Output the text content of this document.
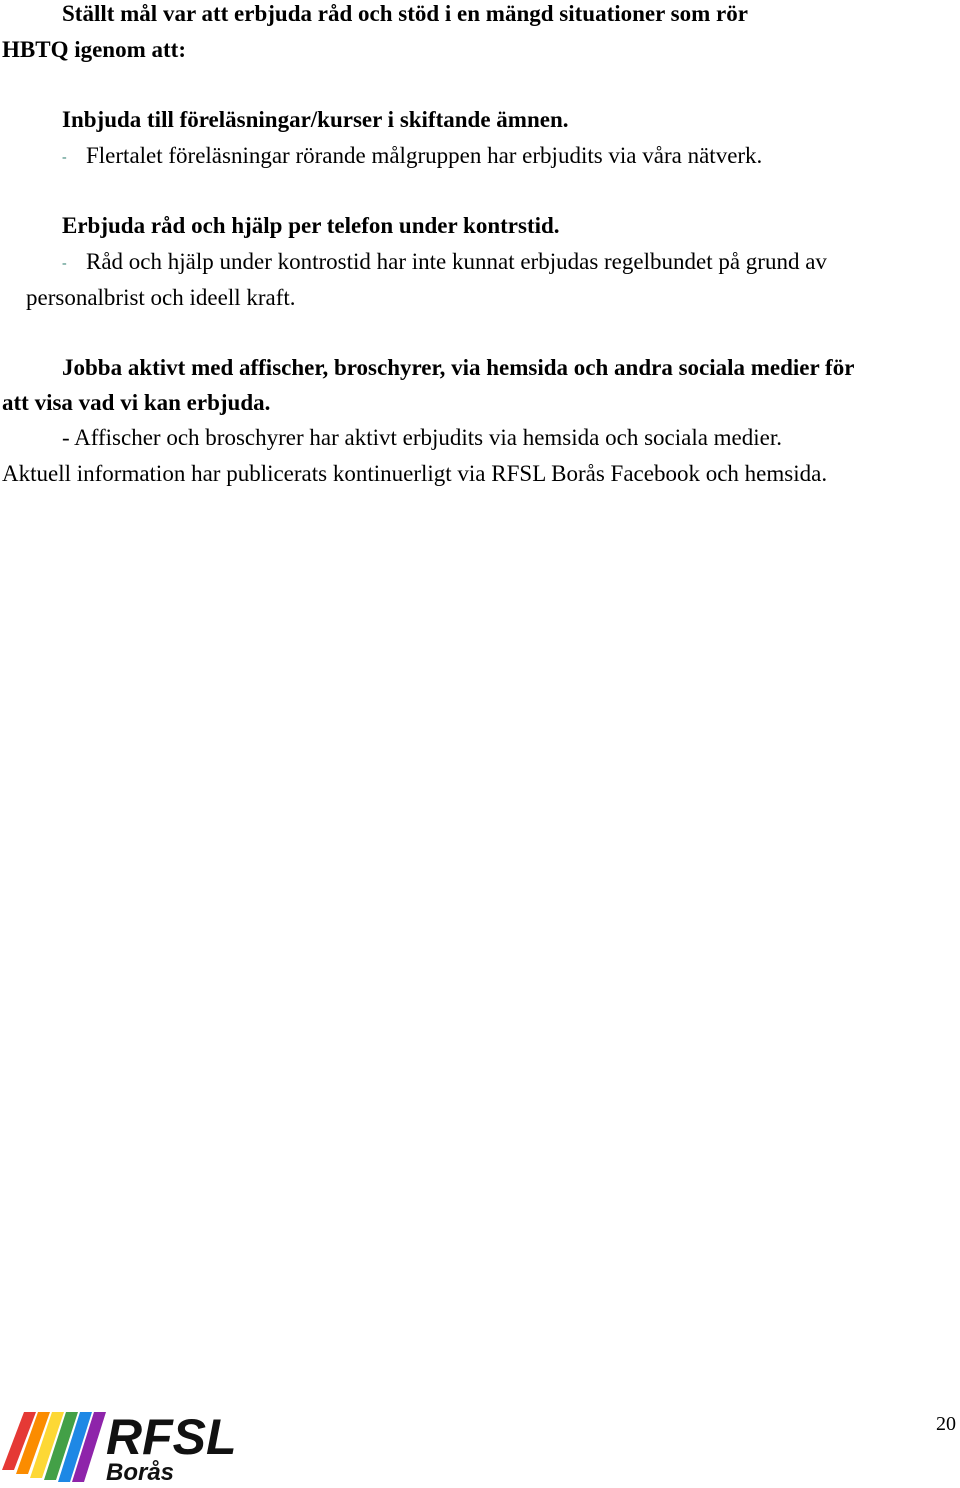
Ställt mål var att erbjuda råd och stöd i en mängd situationer som rör

HBTQ igenom att:

Inbjuda till föreläsningar/kurser i skiftande ämnen.

- Flertalet föreläsningar rörande målgruppen har erbjudits via våra nätverk.

Erbjuda råd och hjälp per telefon under kontrstid.

- Råd och hjälp under kontrostid har inte kunnat erbjudas regelbundet på grund av

personalbrist och ideell kraft.

Jobba aktivt med affischer, broschyrer, via hemsida och andra sociala medier för

att visa vad vi kan erbjuda.

- Affischer och broschyrer har aktivt erbjudits via hemsida och sociala medier.

Aktuell information har publicerats kontinuerligt via RFSL Borås Facebook och hemsida.

RFSL
Borås
20
